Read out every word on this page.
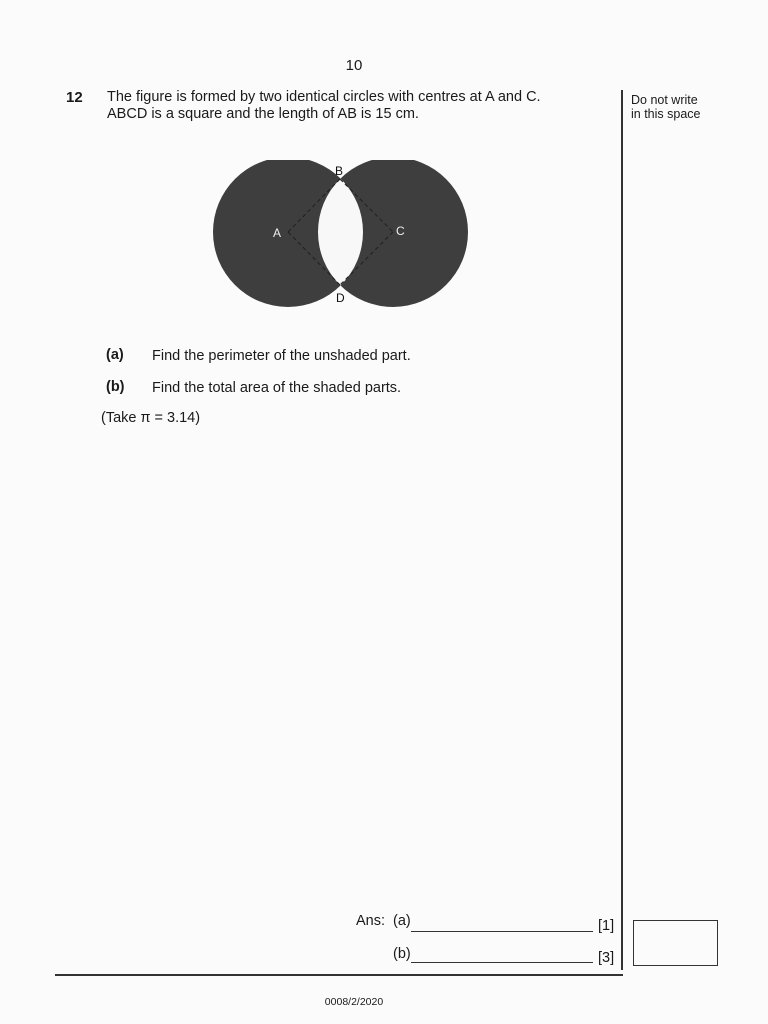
10
12 The figure is formed by two identical circles with centres at A and C.
ABCD is a square and the length of AB is 15 cm.
Do not write
in this space
A
B
C
D
(a) Find the perimeter of the unshaded part.
(b) Find the total area of the shaded parts.
(Take π = 3.14)
Ans: (a)	[1]
(b)	[3]
0008/2/2020
